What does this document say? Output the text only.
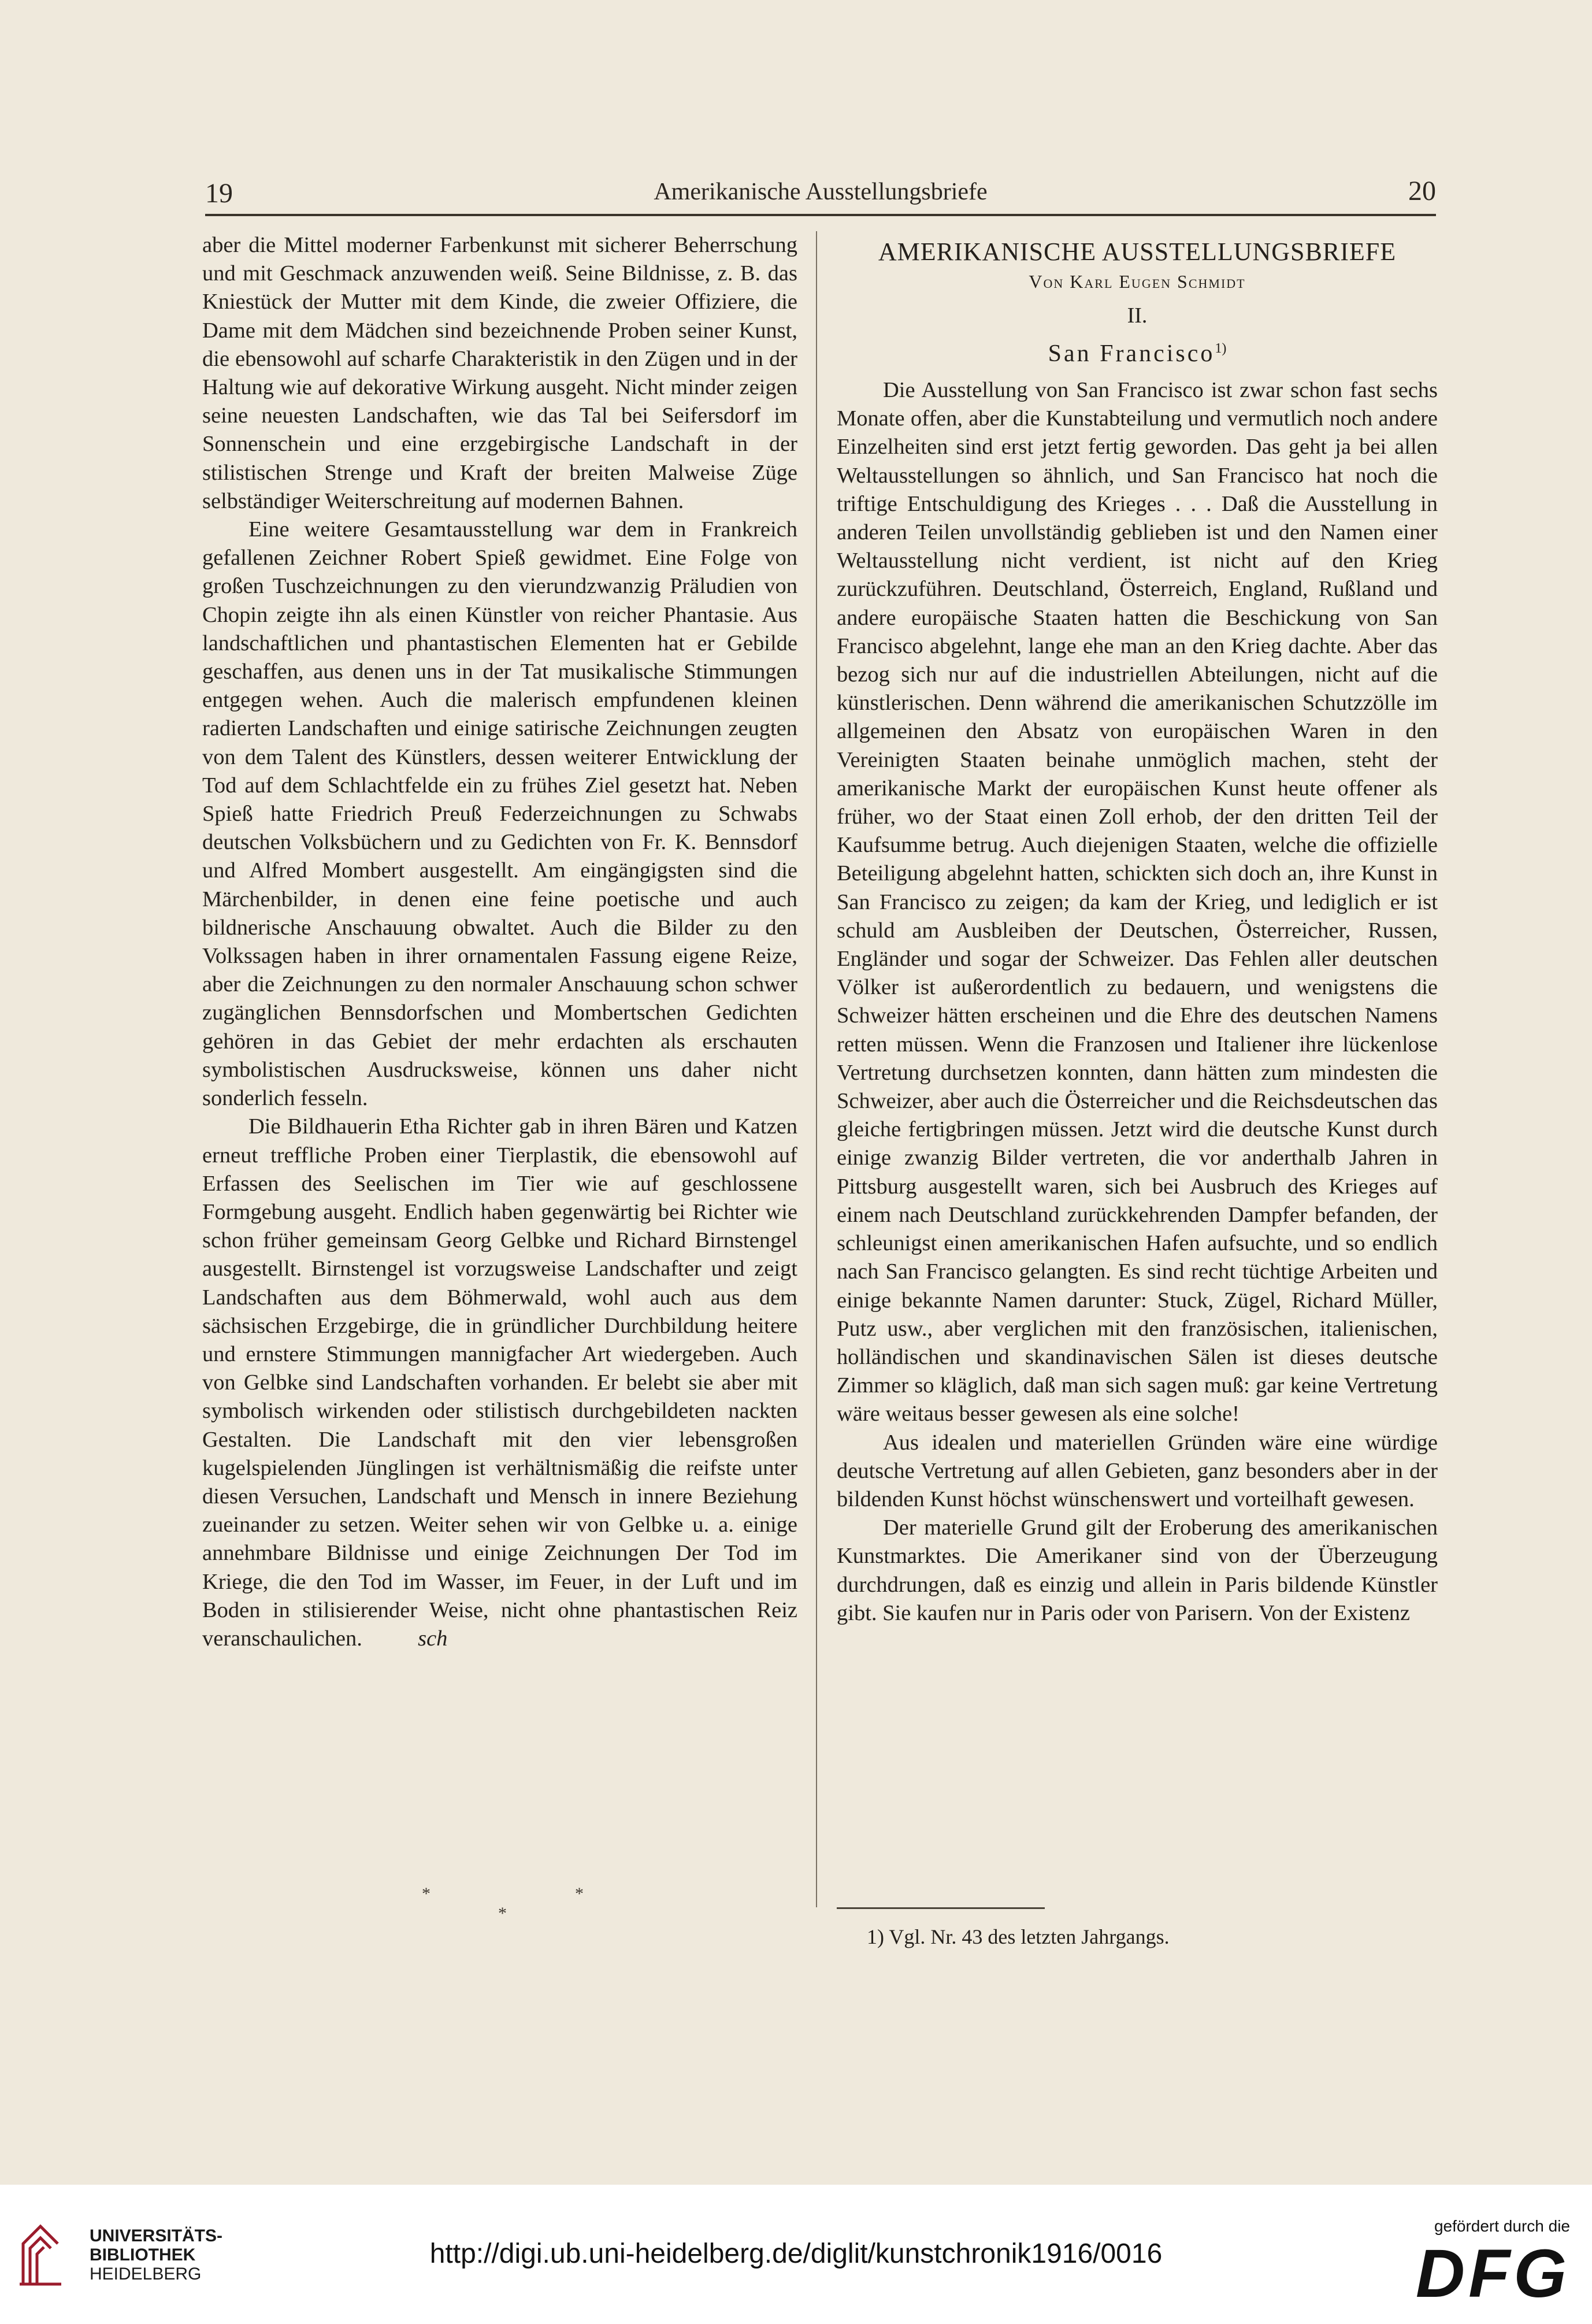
19	Amerikanische Ausstellungsbriefe	20

aber die Mittel moderner Farbenkunst mit sicherer Beherrschung und mit Geschmack anzuwenden weiß. Seine Bildnisse, z. B. das Kniestück der Mutter mit dem Kinde, die zweier Offiziere, die Dame mit dem Mädchen sind bezeichnende Proben seiner Kunst, die ebensowohl auf scharfe Charakteristik in den Zügen und in der Haltung wie auf dekorative Wirkung ausgeht. Nicht minder zeigen seine neuesten Landschaften, wie das Tal bei Seifersdorf im Sonnenschein und eine erzgebirgische Landschaft in der stilistischen Strenge und Kraft der breiten Malweise Züge selbständiger Weiterschreitung auf modernen Bahnen.

Eine weitere Gesamtausstellung war dem in Frankreich gefallenen Zeichner Robert Spieß gewidmet. Eine Folge von großen Tuschzeichnungen zu den vierundzwanzig Präludien von Chopin zeigte ihn als einen Künstler von reicher Phantasie. Aus landschaftlichen und phantastischen Elementen hat er Gebilde geschaffen, aus denen uns in der Tat musikalische Stimmungen entgegen wehen. Auch die malerisch empfundenen kleinen radierten Landschaften und einige satirische Zeichnungen zeugten von dem Talent des Künstlers, dessen weiterer Entwicklung der Tod auf dem Schlachtfelde ein zu frühes Ziel gesetzt hat. Neben Spieß hatte Friedrich Preuß Federzeichnungen zu Schwabs deutschen Volksbüchern und zu Gedichten von Fr. K. Bennsdorf und Alfred Mombert ausgestellt. Am eingängigsten sind die Märchenbilder, in denen eine feine poetische und auch bildnerische Anschauung obwaltet. Auch die Bilder zu den Volkssagen haben in ihrer ornamentalen Fassung eigene Reize, aber die Zeichnungen zu den normaler Anschauung schon schwer zugänglichen Bennsdorfschen und Mombertschen Gedichten gehören in das Gebiet der mehr erdachten als erschauten symbolistischen Ausdrucksweise, können uns daher nicht sonderlich fesseln.

Die Bildhauerin Etha Richter gab in ihren Bären und Katzen erneut treffliche Proben einer Tierplastik, die ebensowohl auf Erfassen des Seelischen im Tier wie auf geschlossene Formgebung ausgeht. Endlich haben gegenwärtig bei Richter wie schon früher gemeinsam Georg Gelbke und Richard Birnstengel ausgestellt. Birnstengel ist vorzugsweise Landschafter und zeigt Landschaften aus dem Böhmerwald, wohl auch aus dem sächsischen Erzgebirge, die in gründlicher Durchbildung heitere und ernstere Stimmungen mannigfacher Art wiedergeben. Auch von Gelbke sind Landschaften vorhanden. Er belebt sie aber mit symbolisch wirkenden oder stilistisch durchgebildeten nackten Gestalten. Die Landschaft mit den vier lebensgroßen kugelspielenden Jünglingen ist verhältnismäßig die reifste unter diesen Versuchen, Landschaft und Mensch in innere Beziehung zueinander zu setzen. Weiter sehen wir von Gelbke u. a. einige annehmbare Bildnisse und einige Zeichnungen Der Tod im Kriege, die den Tod im Wasser, im Feuer, in der Luft und im Boden in stilisierender Weise, nicht ohne phantastischen Reiz veranschaulichen.	sch

*	*
*
AMERIKANISCHE AUSSTELLUNGSBRIEFE
Von Karl Eugen Schmidt
II.
San Francisco$^{1)}$

Die Ausstellung von San Francisco ist zwar schon fast sechs Monate offen, aber die Kunstabteilung und vermutlich noch andere Einzelheiten sind erst jetzt fertig geworden. Das geht ja bei allen Weltausstellungen so ähnlich, und San Francisco hat noch die triftige Entschuldigung des Krieges . . . Daß die Ausstellung in anderen Teilen unvollständig geblieben ist und den Namen einer Weltausstellung nicht verdient, ist nicht auf den Krieg zurückzuführen. Deutschland, Österreich, England, Rußland und andere europäische Staaten hatten die Beschickung von San Francisco abgelehnt, lange ehe man an den Krieg dachte. Aber das bezog sich nur auf die industriellen Abteilungen, nicht auf die künstlerischen. Denn während die amerikanischen Schutzzölle im allgemeinen den Absatz von europäischen Waren in den Vereinigten Staaten beinahe unmöglich machen, steht der amerikanische Markt der europäischen Kunst heute offener als früher, wo der Staat einen Zoll erhob, der den dritten Teil der Kaufsumme betrug. Auch diejenigen Staaten, welche die offizielle Beteiligung abgelehnt hatten, schickten sich doch an, ihre Kunst in San Francisco zu zeigen; da kam der Krieg, und lediglich er ist schuld am Ausbleiben der Deutschen, Österreicher, Russen, Engländer und sogar der Schweizer. Das Fehlen aller deutschen Völker ist außerordentlich zu bedauern, und wenigstens die Schweizer hätten erscheinen und die Ehre des deutschen Namens retten müssen. Wenn die Franzosen und Italiener ihre lückenlose Vertretung durchsetzen konnten, dann hätten zum mindesten die Schweizer, aber auch die Österreicher und die Reichsdeutschen das gleiche fertigbringen müssen. Jetzt wird die deutsche Kunst durch einige zwanzig Bilder vertreten, die vor anderthalb Jahren in Pittsburg ausgestellt waren, sich bei Ausbruch des Krieges auf einem nach Deutschland zurückkehrenden Dampfer befanden, der schleunigst einen amerikanischen Hafen aufsuchte, und so endlich nach San Francisco gelangten. Es sind recht tüchtige Arbeiten und einige bekannte Namen darunter: Stuck, Zügel, Richard Müller, Putz usw., aber verglichen mit den französischen, italienischen, holländischen und skandinavischen Sälen ist dieses deutsche Zimmer so kläglich, daß man sich sagen muß: gar keine Vertretung wäre weitaus besser gewesen als eine solche!

Aus idealen und materiellen Gründen wäre eine würdige deutsche Vertretung auf allen Gebieten, ganz besonders aber in der bildenden Kunst höchst wünschenswert und vorteilhaft gewesen.

Der materielle Grund gilt der Eroberung des amerikanischen Kunstmarktes. Die Amerikaner sind von der Überzeugung durchdrungen, daß es einzig und allein in Paris bildende Künstler gibt. Sie kaufen nur in Paris oder von Parisern. Von der Existenz

1) Vgl. Nr. 43 des letzten Jahrgangs.
UNIVERSITÄTS-
BIBLIOTHEK
HEIDELBERG
http://digi.ub.uni-heidelberg.de/diglit/kunstchronik1916/0016
gefördert durch die
DFG
